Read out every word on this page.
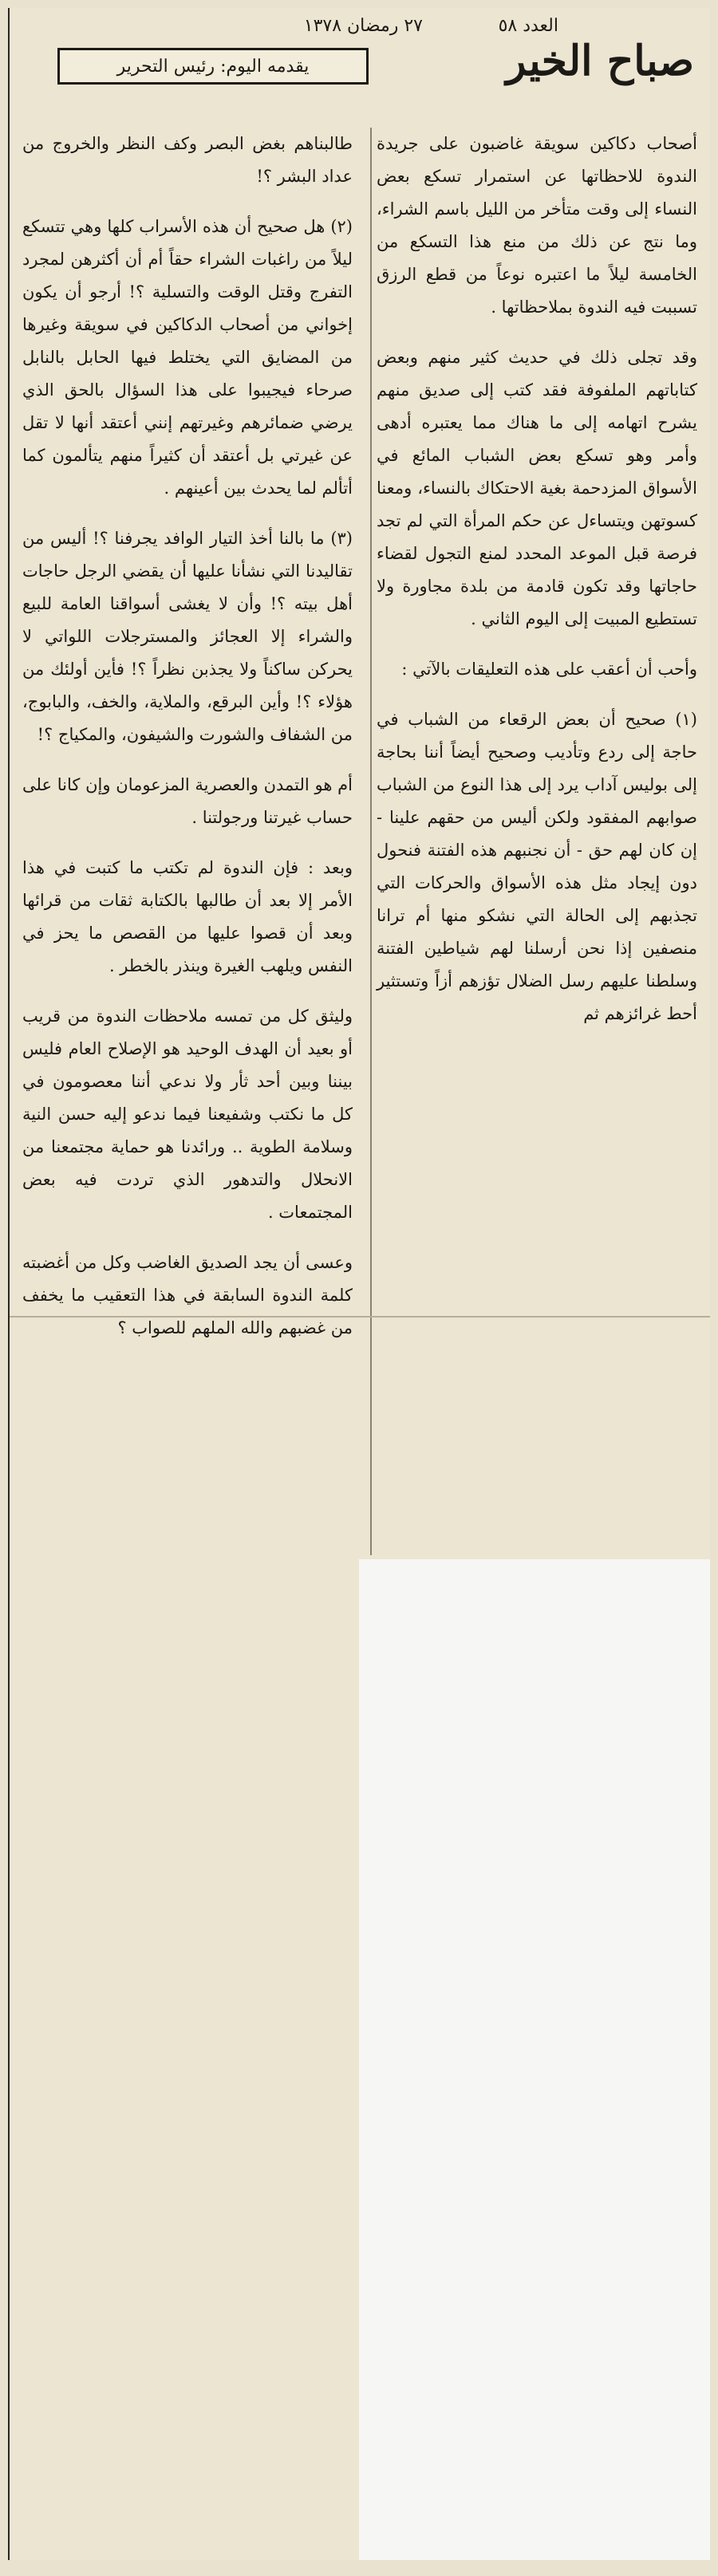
العدد ٥٨
٢٧ رمضان ١٣٧٨
صباح الخير
يقدمه اليوم: رئيس التحرير

أصحاب دكاكين سويقة غاضبون على جريدة الندوة للاحظاتها عن استمرار تسكع بعض النساء إلى وقت متأخر من الليل باسم الشراء، وما نتج عن ذلك من منع هذا التسكع من الخامسة ليلاً ما اعتبره نوعاً من قطع الرزق تسببت فيه الندوة بملاحظاتها .

وقد تجلى ذلك في حديث كثير منهم وبعض كتاباتهم الملفوفة فقد كتب إلى صديق منهم يشرح اتهامه إلى ما هناك مما يعتبره أدهى وأمر وهو تسكع بعض الشباب المائع في الأسواق المزدحمة بغية الاحتكاك بالنساء، ومعنا كسوتهن ويتساءل عن حكم المرأة التي لم تجد فرصة قبل الموعد المحدد لمنع التجول لقضاء حاجاتها وقد تكون قادمة من بلدة مجاورة ولا تستطيع المبيت إلى اليوم الثاني .

وأحب أن أعقب على هذه التعليقات بالآتي :

(١) صحيح أن بعض الرقعاء من الشباب في حاجة إلى ردع وتأديب وصحيح أيضاً أننا بحاجة إلى بوليس آداب يرد إلى هذا النوع من الشباب صوابهم المفقود ولكن أليس من حقهم علينا - إن كان لهم حق - أن نجنبهم هذه الفتنة فنحول دون إيجاد مثل هذه الأسواق والحركات التي تجذبهم إلى الحالة التي نشكو منها أم ترانا منصفين إذا نحن أرسلنا لهم شياطين الفتنة وسلطنا عليهم رسل الضلال تؤزهم أزاً وتستثير أحط غرائزهم ثم

طالبناهم بغض البصر وكف النظر والخروج من عداد البشر ؟!

(٢) هل صحيح أن هذه الأسراب كلها وهي تتسكع ليلاً من راغبات الشراء حقاً أم أن أكثرهن لمجرد التفرج وقتل الوقت والتسلية ؟! أرجو أن يكون إخواني من أصحاب الدكاكين في سويقة وغيرها من المضايق التي يختلط فيها الحابل بالنابل صرحاء فيجيبوا على هذا السؤال بالحق الذي يرضي ضمائرهم وغيرتهم إنني أعتقد أنها لا تقل عن غيرتي بل أعتقد أن كثيراً منهم يتألمون كما أتألم لما يحدث بين أعينهم .

(٣) ما بالنا أخذ التيار الوافد يجرفنا ؟! أليس من تقاليدنا التي نشأنا عليها أن يقضي الرجل حاجات أهل بيته ؟! وأن لا يغشى أسواقنا العامة للبيع والشراء إلا العجائز والمسترجلات اللواتي لا يحركن ساكناً ولا يجذبن نظراً ؟! فأين أولئك من هؤلاء ؟! وأين البرقع، والملاية، والخف، والبابوج، من الشفاف والشورت والشيفون، والمكياج ؟!

أم هو التمدن والعصرية المزعومان وإن كانا على حساب غيرتنا ورجولتنا .

وبعد : فإن الندوة لم تكتب ما كتبت في هذا الأمر إلا بعد أن طالبها بالكتابة ثقات من قرائها وبعد أن قصوا عليها من القصص ما يحز في النفس ويلهب الغيرة وينذر بالخطر .

وليثق كل من تمسه ملاحظات الندوة من قريب أو بعيد أن الهدف الوحيد هو الإصلاح العام فليس بيننا وبين أحد ثأر ولا ندعي أننا معصومون في كل ما نكتب وشفيعنا فيما ندعو إليه حسن النية وسلامة الطوية .. ورائدنا هو حماية مجتمعنا من الانحلال والتدهور الذي تردت فيه بعض المجتمعات .

وعسى أن يجد الصديق الغاضب وكل من أغضبته كلمة الندوة السابقة في هذا التعقيب ما يخفف من غضبهم والله الملهم للصواب ؟
